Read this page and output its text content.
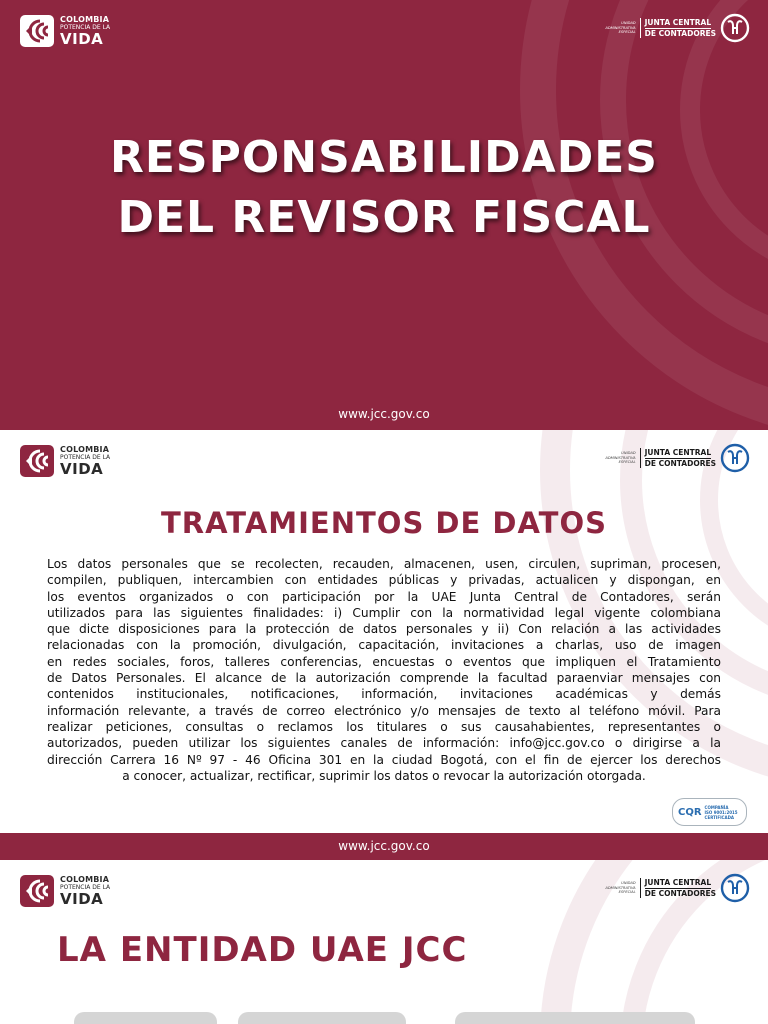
COLOMBIA
POTENCIA DE LA
VIDA
UNIDAD
ADMINISTRATIVA
ESPECIAL
JUNTA CENTRAL
DE CONTADORES
RESPONSABILIDADES
DEL REVISOR FISCAL
www.jcc.gov.co
COLOMBIA
POTENCIA DE LA
VIDA
UNIDAD
ADMINISTRATIVA
ESPECIAL
JUNTA CENTRAL
DE CONTADORES
TRATAMIENTOS DE DATOS
Los datos personales que se recolecten, recauden, almacenen, usen, circulen, supriman, procesen,
compilen, publiquen, intercambien con entidades públicas y privadas, actualicen y dispongan, en
los eventos organizados o con participación por la UAE Junta Central de Contadores, serán
utilizados para las siguientes finalidades: i) Cumplir con la normatividad legal vigente colombiana
que dicte disposiciones para la protección de datos personales y ii) Con relación a las actividades
relacionadas con la promoción, divulgación, capacitación, invitaciones a charlas, uso de imagen
en redes sociales, foros, talleres conferencias, encuestas o eventos que impliquen el Tratamiento
de Datos Personales. El alcance de la autorización comprende la facultad paraenviar mensajes con
contenidos institucionales, notificaciones, información, invitaciones académicas y demás
información relevante, a través de correo electrónico y/o mensajes de texto al teléfono móvil. Para
realizar peticiones, consultas o reclamos los titulares o sus causahabientes, representantes o
autorizados, pueden utilizar los siguientes canales de información: info@jcc.gov.co o dirigirse a la
dirección Carrera 16 Nº 97 - 46 Oficina 301 en la ciudad Bogotá, con el fin de ejercer los derechos
a conocer, actualizar, rectificar, suprimir los datos o revocar la autorización otorgada.
CQR COMPAÑÍA
ISO 9001:2015
CERTIFICADA
www.jcc.gov.co
COLOMBIA
POTENCIA DE LA
VIDA
UNIDAD
ADMINISTRATIVA
ESPECIAL
JUNTA CENTRAL
DE CONTADORES
LA ENTIDAD UAE JCC
